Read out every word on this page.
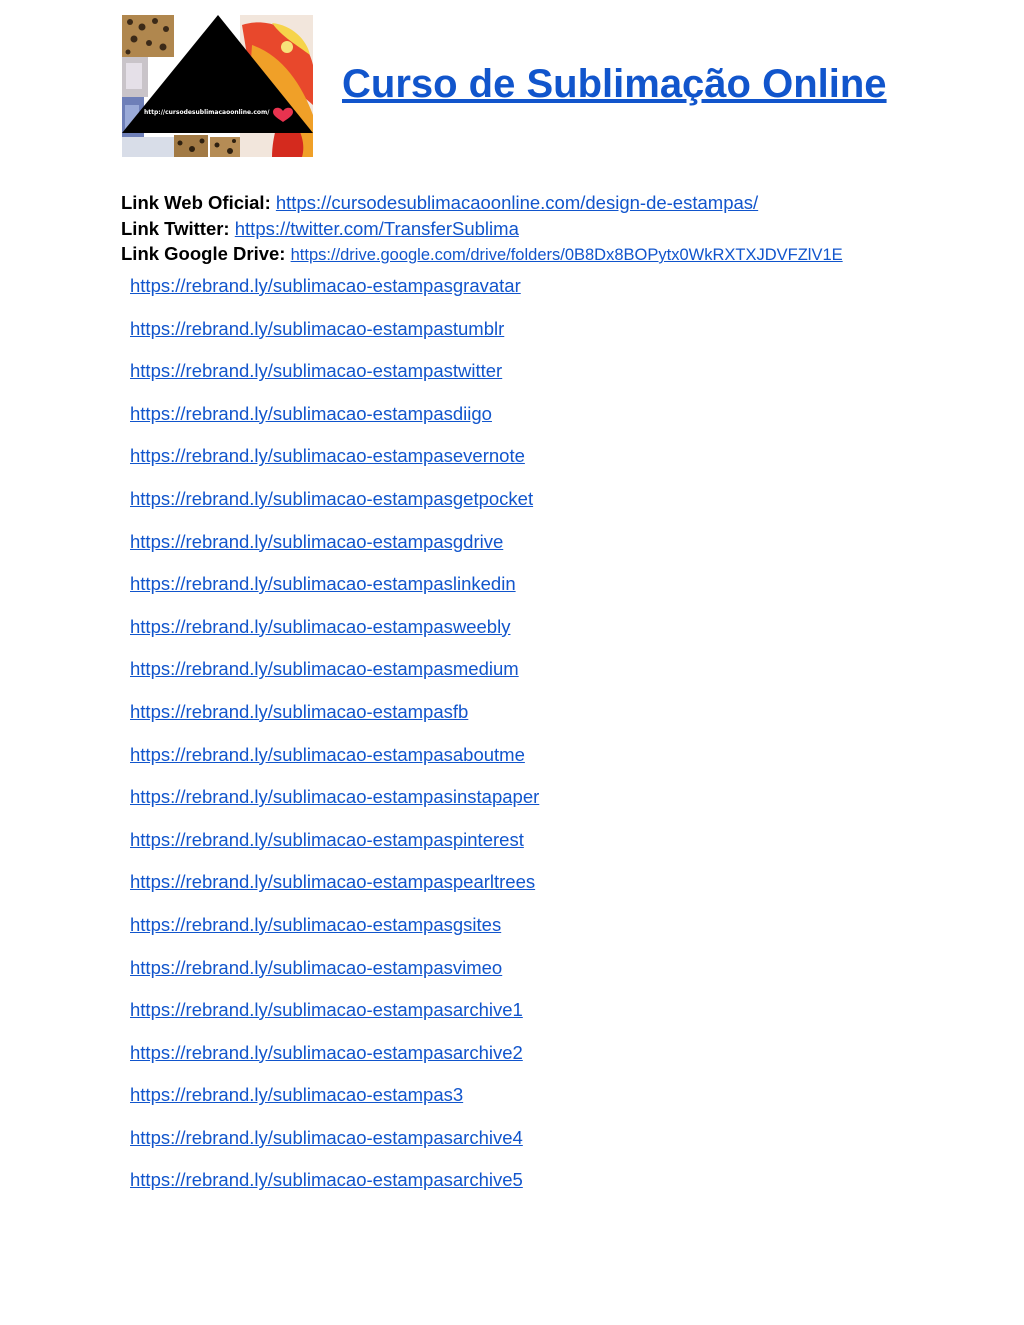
http://cursodesublimacaoonline.com/
Curso de Sublimação Online
Link Web Oficial: https://cursodesublimacaoonline.com/design-de-estampas/
Link Twitter: https://twitter.com/TransferSublima
Link Google Drive: https://drive.google.com/drive/folders/0B8Dx8BOPytx0WkRXTXJDVFZlV1E
https://rebrand.ly/sublimacao-estampasgravatar
https://rebrand.ly/sublimacao-estampastumblr
https://rebrand.ly/sublimacao-estampastwitter
https://rebrand.ly/sublimacao-estampasdiigo
https://rebrand.ly/sublimacao-estampasevernote
https://rebrand.ly/sublimacao-estampasgetpocket
https://rebrand.ly/sublimacao-estampasgdrive
https://rebrand.ly/sublimacao-estampaslinkedin
https://rebrand.ly/sublimacao-estampasweebly
https://rebrand.ly/sublimacao-estampasmedium
https://rebrand.ly/sublimacao-estampasfb
https://rebrand.ly/sublimacao-estampasaboutme
https://rebrand.ly/sublimacao-estampasinstapaper
https://rebrand.ly/sublimacao-estampaspinterest
https://rebrand.ly/sublimacao-estampaspearltrees
https://rebrand.ly/sublimacao-estampasgsites
https://rebrand.ly/sublimacao-estampasvimeo
https://rebrand.ly/sublimacao-estampasarchive1
https://rebrand.ly/sublimacao-estampasarchive2
https://rebrand.ly/sublimacao-estampas3
https://rebrand.ly/sublimacao-estampasarchive4
https://rebrand.ly/sublimacao-estampasarchive5
